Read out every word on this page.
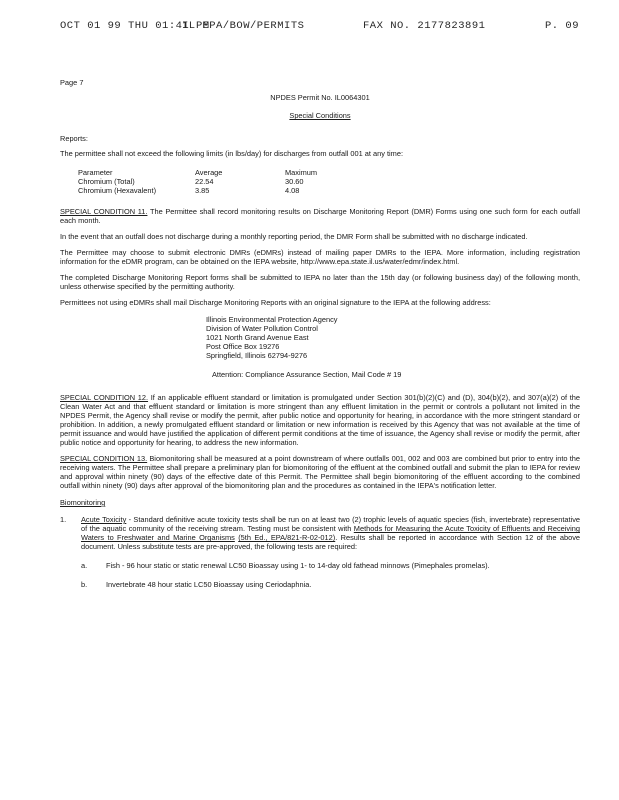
OCT 01 99 THU 01:41 PM
IL EPA/BOW/PERMITS	FAX NO. 2177823891	P. 09
Page 7
NPDES Permit No. IL0064301
Special Conditions
Reports:
The permittee shall not exceed the following limits (in lbs/day) for discharges from outfall 001 at any time:
Parameter	Average	Maximum
Chromium (Total)	22.54	30.60
Chromium (Hexavalent)	3.85	4.08

SPECIAL CONDITION 11. The Permittee shall record monitoring results on Discharge Monitoring Report (DMR) Forms using one such form for each outfall each month.

In the event that an outfall does not discharge during a monthly reporting period, the DMR Form shall be submitted with no discharge indicated.

The Permittee may choose to submit electronic DMRs (eDMRs) instead of mailing paper DMRs to the IEPA. More information, including registration information for the eDMR program, can be obtained on the IEPA website, http://www.epa.state.il.us/water/edmr/index.html.

The completed Discharge Monitoring Report forms shall be submitted to IEPA no later than the 15th day (or following business day) of the following month, unless otherwise specified by the permitting authority.

Permittees not using eDMRs shall mail Discharge Monitoring Reports with an original signature to the IEPA at the following address:

Illinois Environmental Protection Agency
Division of Water Pollution Control
1021 North Grand Avenue East
Post Office Box 19276
Springfield, Illinois 62794-9276
Attention: Compliance Assurance Section, Mail Code # 19

SPECIAL CONDITION 12. If an applicable effluent standard or limitation is promulgated under Section 301(b)(2)(C) and (D), 304(b)(2), and 307(a)(2) of the Clean Water Act and that effluent standard or limitation is more stringent than any effluent limitation in the permit or controls a pollutant not limited in the NPDES Permit, the Agency shall revise or modify the permit, after public notice and opportunity for hearing, in accordance with the more stringent standard or prohibition. In addition, a newly promulgated effluent standard or limitation or new information is received by this Agency that was not available at the time of permit issuance and would have justified the application of different permit conditions at the time of issuance, the Agency shall revise or modify the permit, after public notice and opportunity for hearing, to address the new information.

SPECIAL CONDITION 13. Biomonitoring shall be measured at a point downstream of where outfalls 001, 002 and 003 are combined but prior to entry into the receiving waters. The Permittee shall prepare a preliminary plan for biomonitoring of the effluent at the combined outfall and submit the plan to IEPA for review and approval within ninety (90) days of the effective date of this Permit. The Permittee shall begin biomonitoring of the effluent according to the combined outfall within ninety (90) days after approval of the biomonitoring plan and the procedures as contained in the IEPA's notification letter.

Biomonitoring
1. Acute Toxicity - Standard definitive acute toxicity tests shall be run on at least two (2) trophic levels of aquatic species (fish, invertebrate) representative of the aquatic community of the receiving stream. Testing must be consistent with Methods for Measuring the Acute Toxicity of Effluents and Receiving Waters to Freshwater and Marine Organisms (5th Ed., EPA/821-R-02-012). Results shall be reported in accordance with Section 12 of the above document. Unless substitute tests are pre-approved, the following tests are required:
a.	Fish - 96 hour static or static renewal LC50 Bioassay using 1- to 14-day old fathead minnows (Pimephales promelas).
b.	Invertebrate 48 hour static LC50 Bioassay using Ceriodaphnia.
